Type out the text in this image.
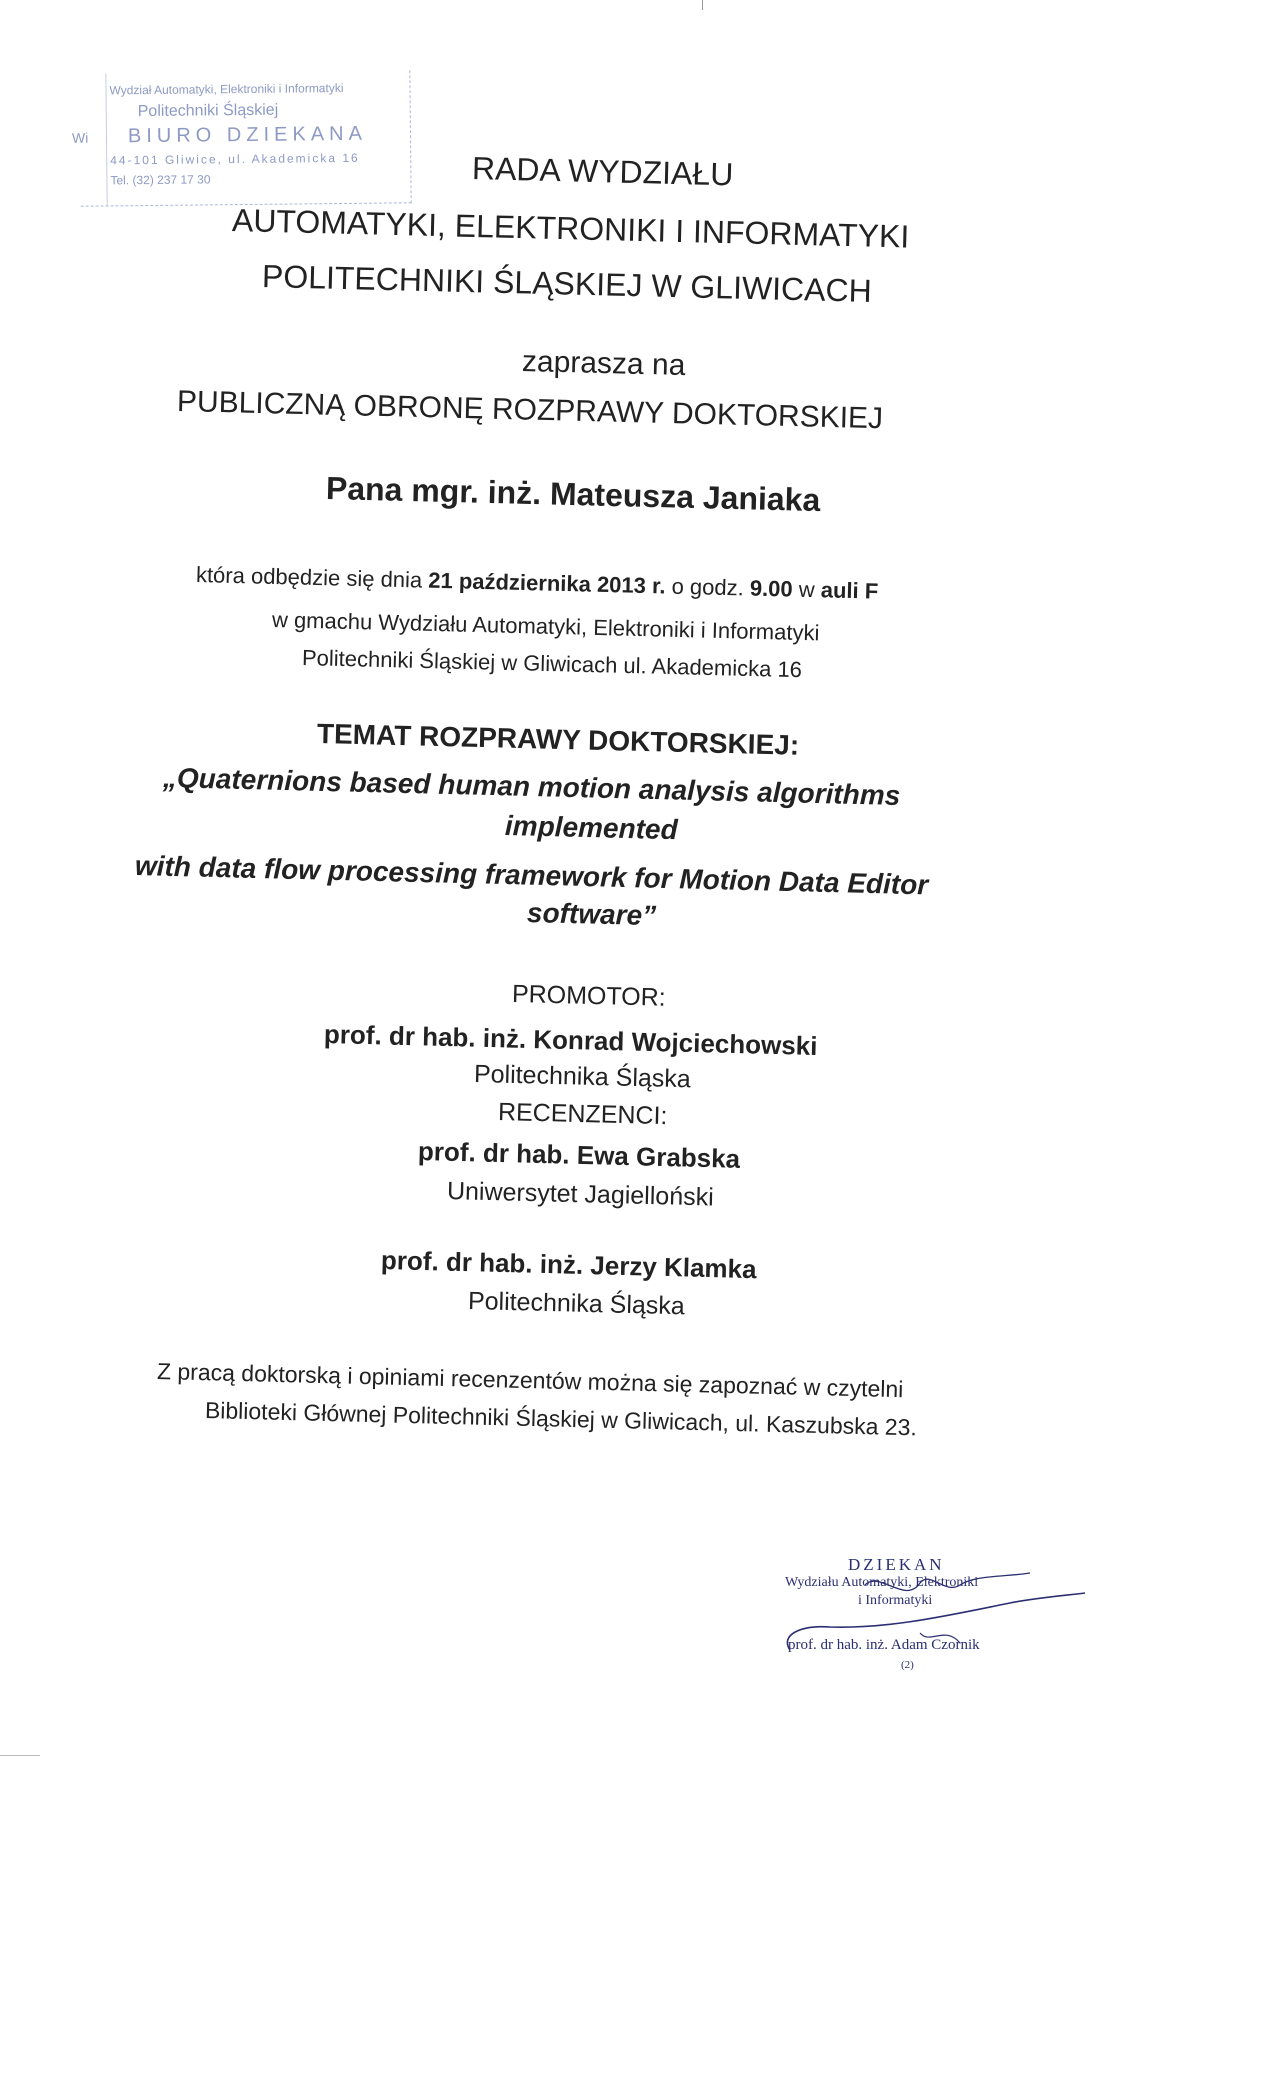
Wi
Wydział Automatyki, Elektroniki i Informatyki
Politechniki Śląskiej
BIURO DZIEKANA
44-101 Gliwice, ul. Akademicka 16
Tel. (32) 237 17 30	RADA WYDZIAŁU
AUTOMATYKI, ELEKTRONIKI I INFORMATYKI
POLITECHNIKI ŚLĄSKIEJ W GLIWICACH
zaprasza na
PUBLICZNĄ OBRONĘ ROZPRAWY DOKTORSKIEJ
Pana mgr. inż. Mateusza Janiaka
która odbędzie się dnia 21 października 2013 r. o godz. 9.00 w auli F
w gmachu Wydziału Automatyki, Elektroniki i Informatyki
Politechniki Śląskiej w Gliwicach ul. Akademicka 16
TEMAT ROZPRAWY DOKTORSKIEJ:
„Quaternions based human motion analysis algorithms
implemented
with data flow processing framework for Motion Data Editor
software”
PROMOTOR:
prof. dr hab. inż. Konrad Wojciechowski
Politechnika Śląska
RECENZENCI:
prof. dr hab. Ewa Grabska
Uniwersytet Jagielloński
prof. dr hab. inż. Jerzy Klamka
Politechnika Śląska
Z pracą doktorską i opiniami recenzentów można się zapoznać w czytelni
Biblioteki Głównej Politechniki Śląskiej w Gliwicach, ul. Kaszubska 23.
DZIEKAN
Wydziału Automatyki, Elektroniki
i Informatyki
prof. dr hab. inż. Adam Czornik
(2)
